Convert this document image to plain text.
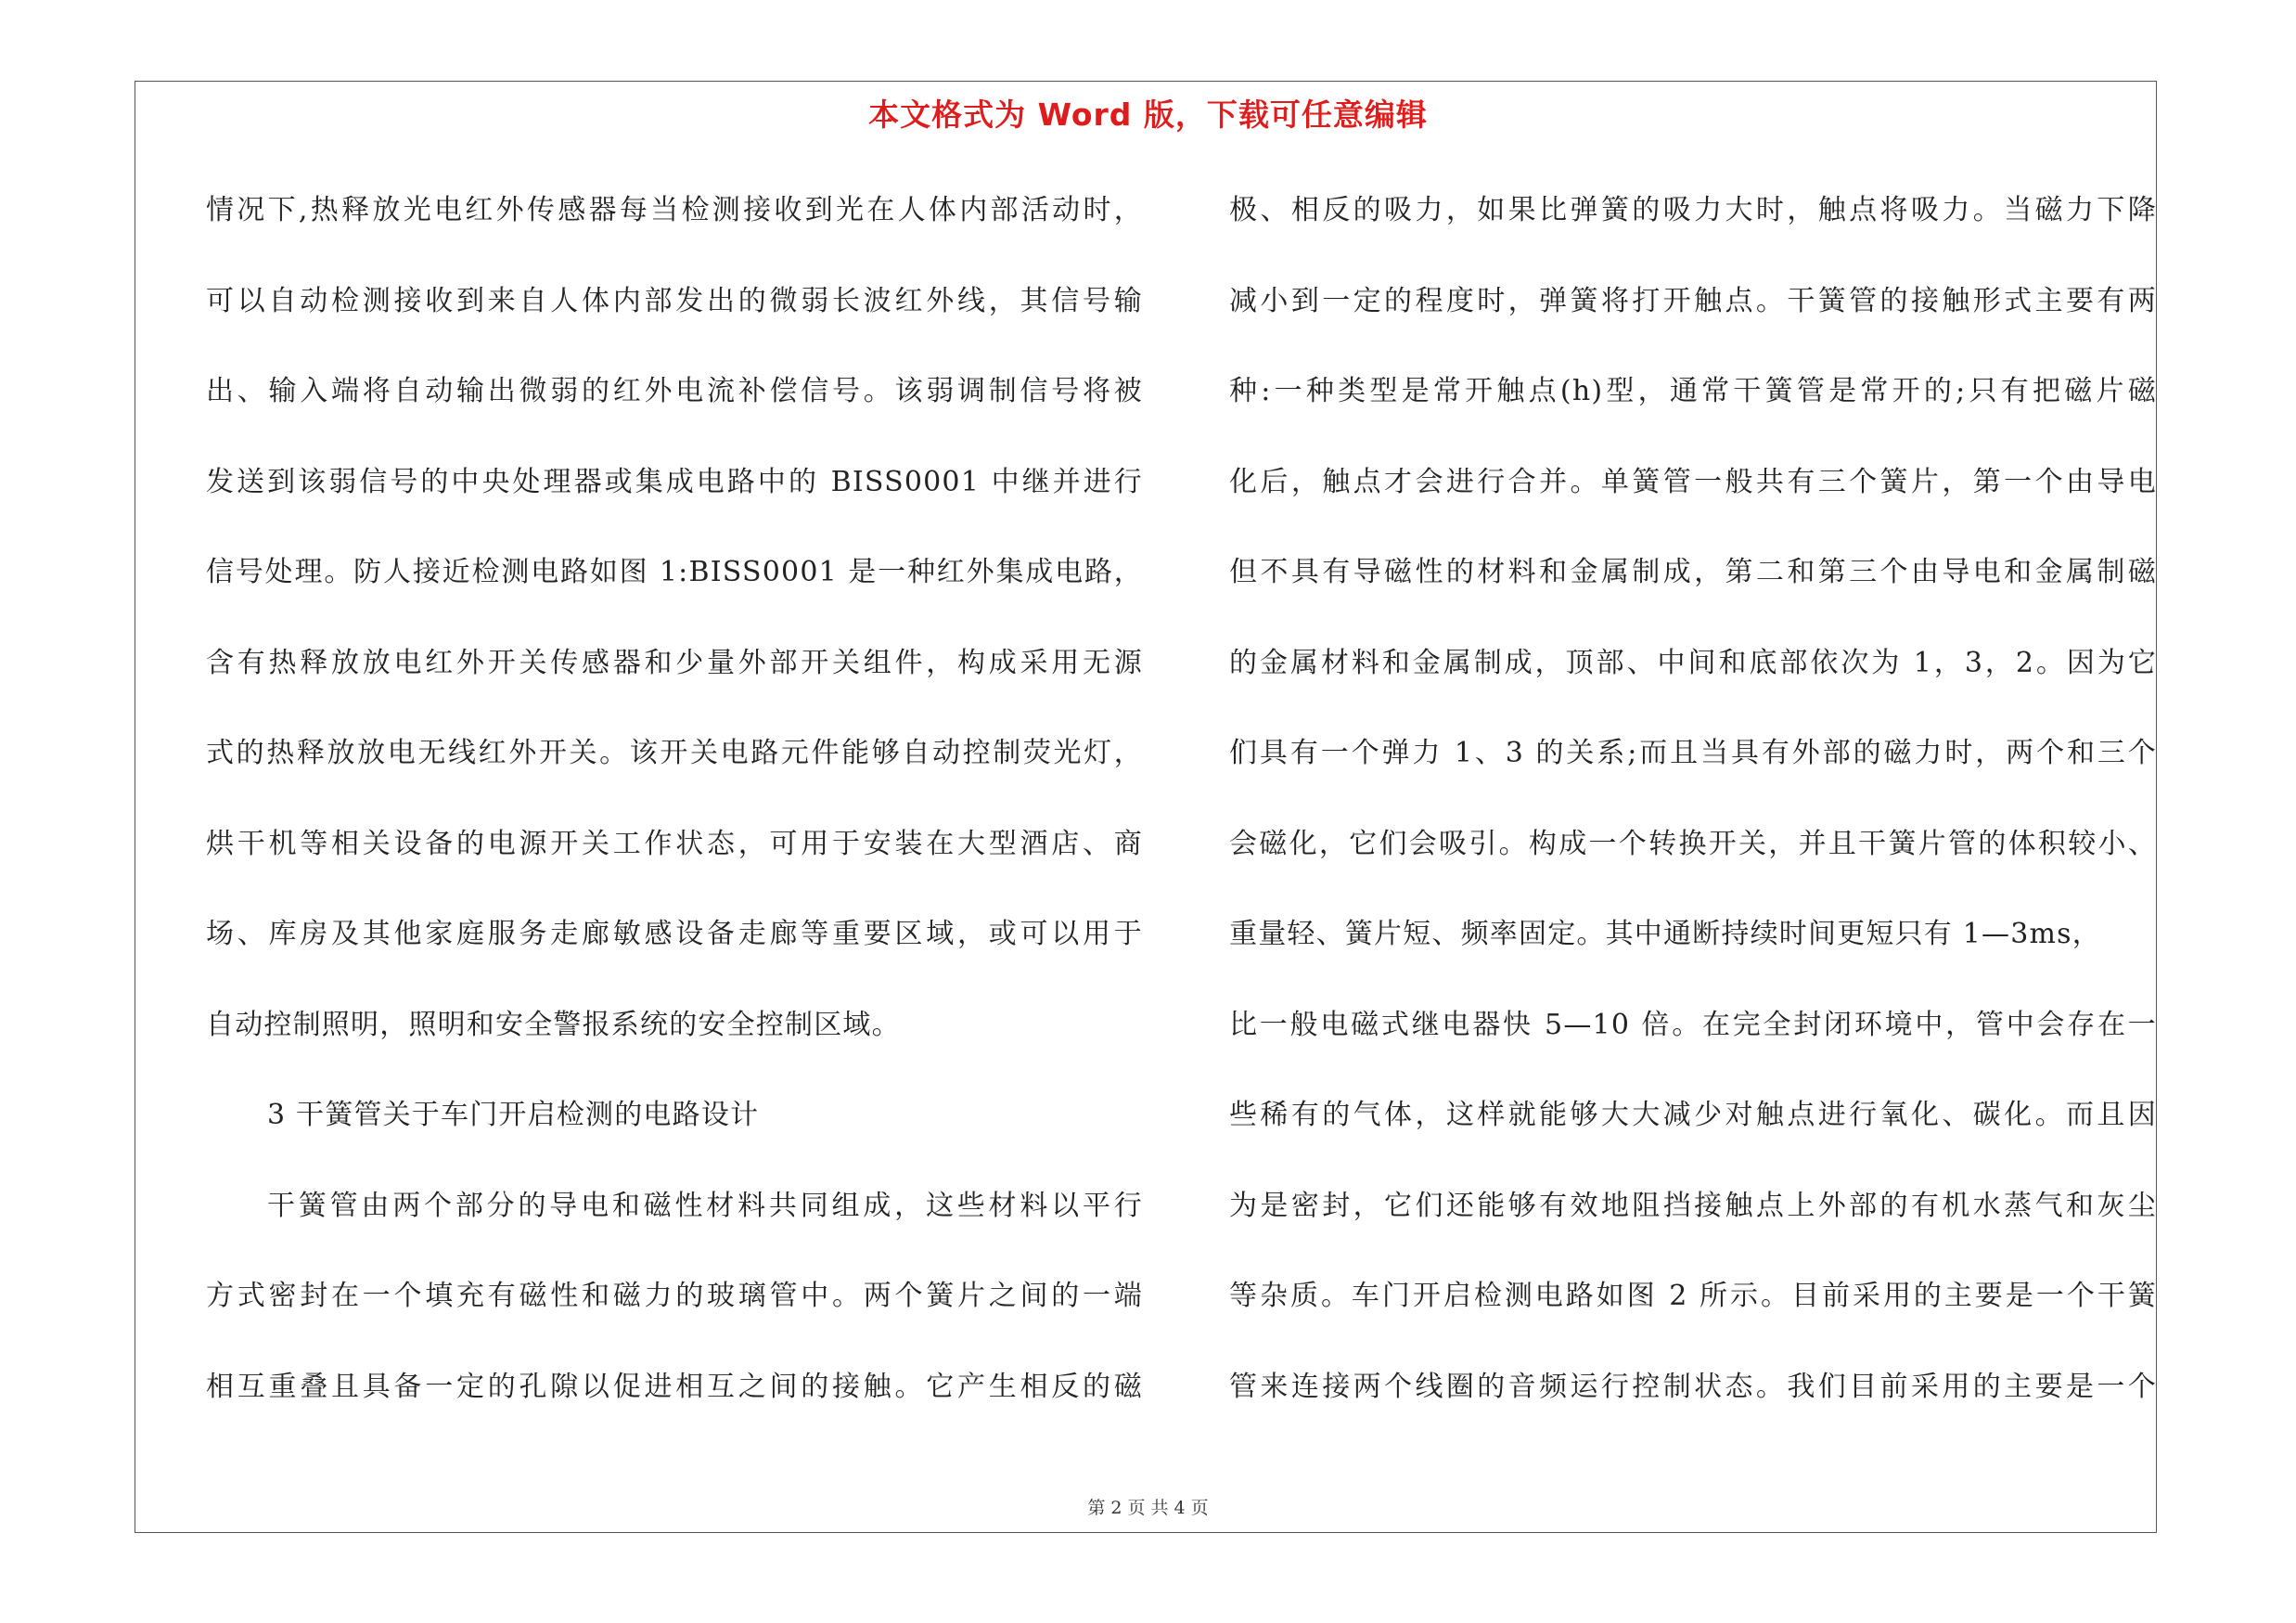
本文格式为 Word 版，下载可任意编辑
情况下,热释放光电红外传感器每当检测接收到光在人体内部活动时，
可以自动检测接收到来自人体内部发出的微弱长波红外线，其信号输
出、输入端将自动输出微弱的红外电流补偿信号。该弱调制信号将被
发送到该弱信号的中央处理器或集成电路中的 BISS0001 中继并进行
信号处理。防人接近检测电路如图 1:BISS0001 是一种红外集成电路，
含有热释放放电红外开关传感器和少量外部开关组件，构成采用无源
式的热释放放电无线红外开关。该开关电路元件能够自动控制荧光灯，
烘干机等相关设备的电源开关工作状态，可用于安装在大型酒店、商
场、库房及其他家庭服务走廊敏感设备走廊等重要区域，或可以用于
自动控制照明，照明和安全警报系统的安全控制区域。
3 干簧管关于车门开启检测的电路设计
干簧管由两个部分的导电和磁性材料共同组成，这些材料以平行
方式密封在一个填充有磁性和磁力的玻璃管中。两个簧片之间的一端
相互重叠且具备一定的孔隙以促进相互之间的接触。它产生相反的磁
极、相反的吸力，如果比弹簧的吸力大时，触点将吸力。当磁力下降
减小到一定的程度时，弹簧将打开触点。干簧管的接触形式主要有两
种:一种类型是常开触点(h)型，通常干簧管是常开的;只有把磁片磁
化后，触点才会进行合并。单簧管一般共有三个簧片，第一个由导电
但不具有导磁性的材料和金属制成，第二和第三个由导电和金属制磁
的金属材料和金属制成，顶部、中间和底部依次为 1，3，2。因为它
们具有一个弹力 1、3 的关系;而且当具有外部的磁力时，两个和三个
会磁化，它们会吸引。构成一个转换开关，并且干簧片管的体积较小、
重量轻、簧片短、频率固定。其中通断持续时间更短只有 1—3ms，
比一般电磁式继电器快 5—10 倍。在完全封闭环境中，管中会存在一
些稀有的气体，这样就能够大大减少对触点进行氧化、碳化。而且因
为是密封，它们还能够有效地阻挡接触点上外部的有机水蒸气和灰尘
等杂质。车门开启检测电路如图 2 所示。目前采用的主要是一个干簧
管来连接两个线圈的音频运行控制状态。我们目前采用的主要是一个
第 2 页 共 4 页
